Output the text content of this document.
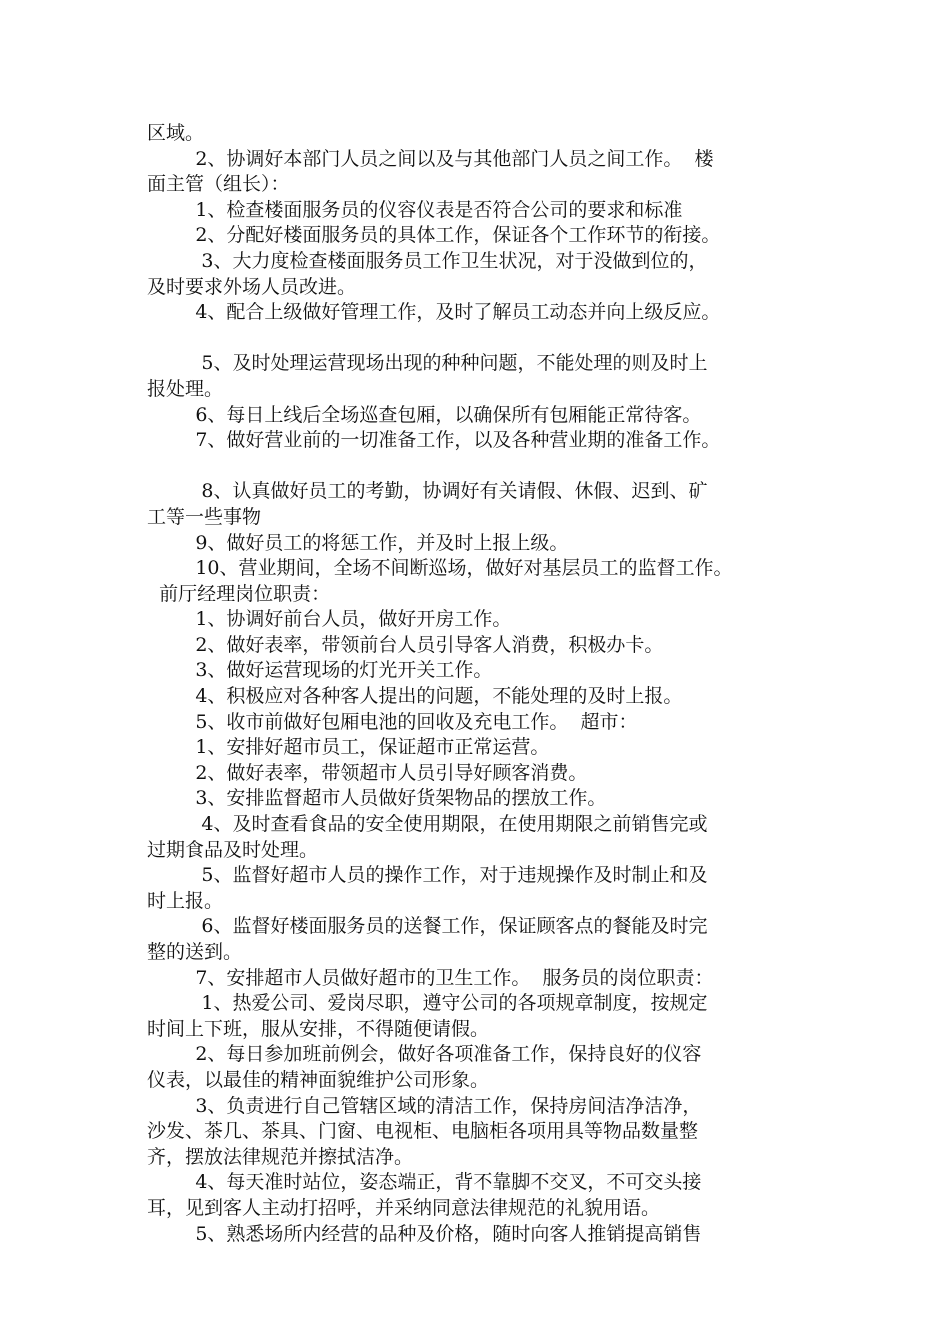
区域。
2、协调好本部门人员之间以及与其他部门人员之间工作。  楼
面主管（组长）：
1、检查楼面服务员的仪容仪表是否符合公司的要求和标准
2、分配好楼面服务员的具体工作，保证各个工作环节的衔接。
3、大力度检查楼面服务员工作卫生状况，对于没做到位的，
及时要求外场人员改进。
4、配合上级做好管理工作，及时了解员工动态并向上级反应。
5、及时处理运营现场出现的种种问题，不能处理的则及时上
报处理。
6、每日上线后全场巡查包厢，以确保所有包厢能正常待客。
7、做好营业前的一切准备工作，以及各种营业期的准备工作。
8、认真做好员工的考勤，协调好有关请假、休假、迟到、矿
工等一些事物
9、做好员工的将惩工作，并及时上报上级。
10、营业期间，全场不间断巡场，做好对基层员工的监督工作。
前厅经理岗位职责：
1、协调好前台人员，做好开房工作。
2、做好表率，带领前台人员引导客人消费，积极办卡。
3、做好运营现场的灯光开关工作。
4、积极应对各种客人提出的问题，不能处理的及时上报。
5、收市前做好包厢电池的回收及充电工作。  超市：
1、安排好超市员工，保证超市正常运营。
2、做好表率，带领超市人员引导好顾客消费。
3、安排监督超市人员做好货架物品的摆放工作。
4、及时查看食品的安全使用期限，在使用期限之前销售完或
过期食品及时处理。
5、监督好超市人员的操作工作，对于违规操作及时制止和及
时上报。
6、监督好楼面服务员的送餐工作，保证顾客点的餐能及时完
整的送到。
7、安排超市人员做好超市的卫生工作。  服务员的岗位职责：
1、热爱公司、爱岗尽职，遵守公司的各项规章制度，按规定
时间上下班，服从安排，不得随便请假。
2、每日参加班前例会，做好各项准备工作，保持良好的仪容
仪表，以最佳的精神面貌维护公司形象。
3、负责进行自己管辖区域的清洁工作，保持房间洁净洁净，
沙发、茶几、茶具、门窗、电视柜、电脑柜各项用具等物品数量整
齐，摆放法律规范并擦拭洁净。
4、每天准时站位，姿态端正，背不靠脚不交叉，不可交头接
耳，见到客人主动打招呼，并采纳同意法律规范的礼貌用语。
5、熟悉场所内经营的品种及价格，随时向客人推销提高销售
